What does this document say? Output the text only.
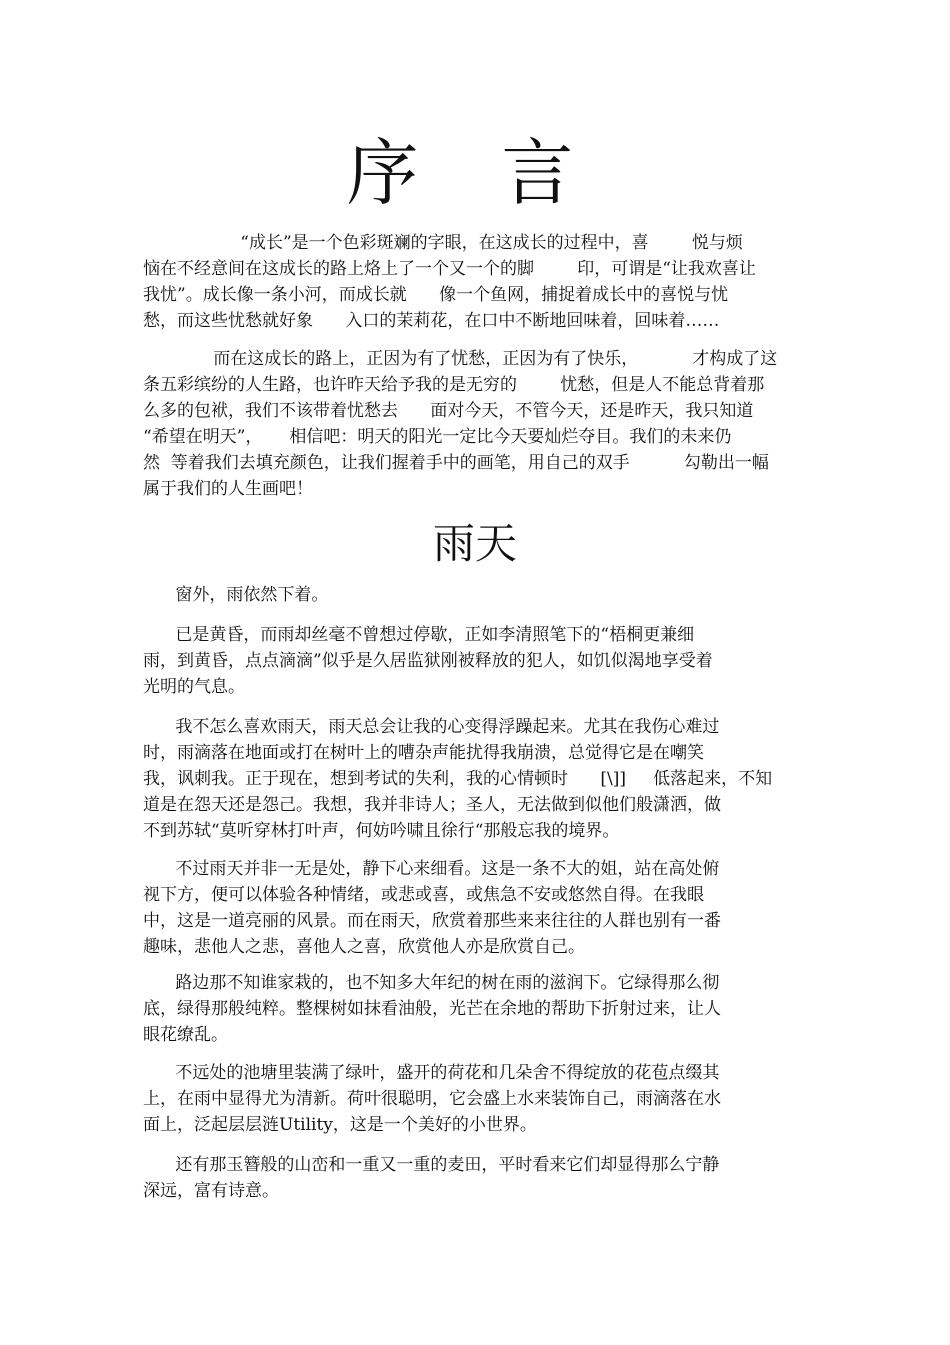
序 言

“成长”是一个色彩斑斓的字眼，在这成长的过程中，喜        悦与烦
恼在不经意间在这成长的路上烙上了一个又一个的脚        印，可谓是“让我欢喜让
我忧”。成长像一条小河，而成长就      像一个鱼网，捕捉着成长中的喜悦与忧
愁，而这些忧愁就好象      入口的茉莉花，在口中不断地回味着，回味着……

而在这成长的路上，正因为有了忧愁，正因为有了快乐，          才构成了这
条五彩缤纷的人生路，也许昨天给予我的是无穷的        忧愁，但是人不能总背着那
么多的包袱，我们不该带着忧愁去      面对今天，不管今天，还是昨天，我只知道
“希望在明天”，     相信吧：明天的阳光一定比今天要灿烂夺目。我们的未来仍
然  等着我们去填充颜色，让我们握着手中的画笔，用自己的双手          勾勒出一幅
属于我们的人生画吧！

雨天

窗外，雨依然下着。

已是黄昏，而雨却丝毫不曾想过停歇，正如李清照笔下的“梧桐更兼细
雨，到黄昏，点点滴滴”似乎是久居监狱刚被释放的犯人，如饥似渴地享受着
光明的气息。

我不怎么喜欢雨天，雨天总会让我的心变得浮躁起来。尤其在我伤心难过
时，雨滴落在地面或打在树叶上的嘈杂声能扰得我崩溃，总觉得它是在嘲笑
我，讽刺我。正于现在，想到考试的失利，我的心情顿时      [\]]     低落起来，不知
道是在怨天还是怨己。我想，我并非诗人；圣人，无法做到似他们般潇洒，做
不到苏轼“莫听穿林打叶声，何妨吟啸且徐行“那般忘我的境界。

不过雨天并非一无是处，静下心来细看。这是一条不大的姐，站在高处俯
视下方，便可以体验各种情绪，或悲或喜，或焦急不安或悠然自得。在我眼
中，这是一道亮丽的风景。而在雨天，欣赏着那些来来往往的人群也别有一番
趣味，悲他人之悲，喜他人之喜，欣赏他人亦是欣赏自己。

路边那不知谁家栽的，也不知多大年纪的树在雨的滋润下。它绿得那么彻
底，绿得那般纯粹。整棵树如抹看油般，光芒在余地的帮助下折射过来，让人
眼花缭乱。

不远处的池塘里装满了绿叶，盛开的荷花和几朵舍不得绽放的花苞点缀其
上，在雨中显得尤为清新。荷叶很聪明，它会盛上水来装饰自己，雨滴落在水
面上，泛起层层涟Utility，这是一个美好的小世界。

还有那玉簪般的山峦和一重又一重的麦田，平时看来它们却显得那么宁静
深远，富有诗意。
